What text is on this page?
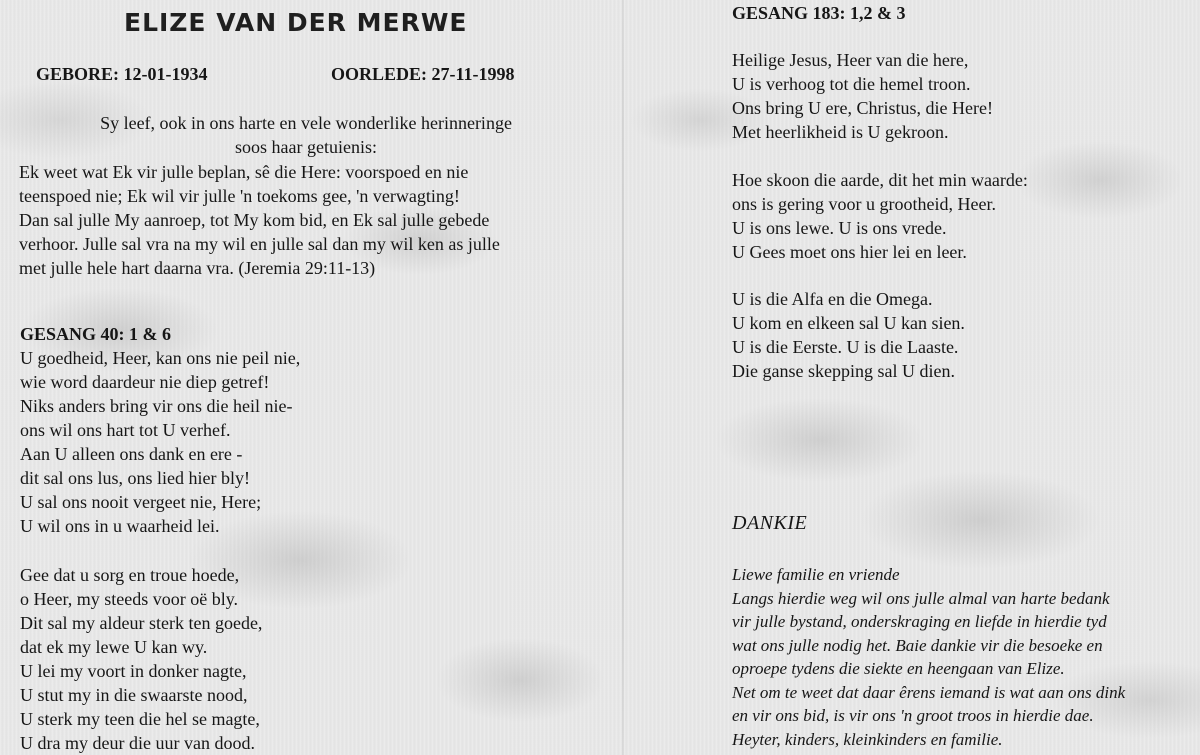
ELIZE VAN DER MERWE
GEBORE: 12-01-1934	OORLEDE: 27-11-1998
Sy leef, ook in ons harte en vele wonderlike herinneringe
soos haar getuienis:
Ek weet wat Ek vir julle beplan, sê die Here: voorspoed en nie
teenspoed nie; Ek wil vir julle 'n toekoms gee, 'n verwagting!
Dan sal julle My aanroep, tot My kom bid, en Ek sal julle gebede
verhoor. Julle sal vra na my wil en julle sal dan my wil ken as julle
met julle hele hart daarna vra. (Jeremia 29:11-13)
GESANG 40: 1 & 6
U goedheid, Heer, kan ons nie peil nie,
wie word daardeur nie diep getref!
Niks anders bring vir ons die heil nie-
ons wil ons hart tot U verhef.
Aan U alleen ons dank en ere -
dit sal ons lus, ons lied hier bly!
U sal ons nooit vergeet nie, Here;
U wil ons in u waarheid lei.
Gee dat u sorg en troue hoede,
o Heer, my steeds voor oë bly.
Dit sal my aldeur sterk ten goede,
dat ek my lewe U kan wy.
U lei my voort in donker nagte,
U stut my in die swaarste nood,
U sterk my teen die hel se magte,
U dra my deur die uur van dood.
GESANG 183: 1,2 & 3
Heilige Jesus, Heer van die here,
U is verhoog tot die hemel troon.
Ons bring U ere, Christus, die Here!
Met heerlikheid is U gekroon.
Hoe skoon die aarde, dit het min waarde:
ons is gering voor u grootheid, Heer.
U is ons lewe. U is ons vrede.
U Gees moet ons hier lei en leer.
U is die Alfa en die Omega.
U kom en elkeen sal U kan sien.
U is die Eerste. U is die Laaste.
Die ganse skepping sal U dien.
DANKIE
Liewe familie en vriende
Langs hierdie weg wil ons julle almal van harte bedank
vir julle bystand, onderskraging en liefde in hierdie tyd
wat ons julle nodig het. Baie dankie vir die besoeke en
oproepe tydens die siekte en heengaan van Elize.
Net om te weet dat daar êrens iemand is wat aan ons dink
en vir ons bid, is vir ons 'n groot troos in hierdie dae.
Heyter, kinders, kleinkinders en familie.
